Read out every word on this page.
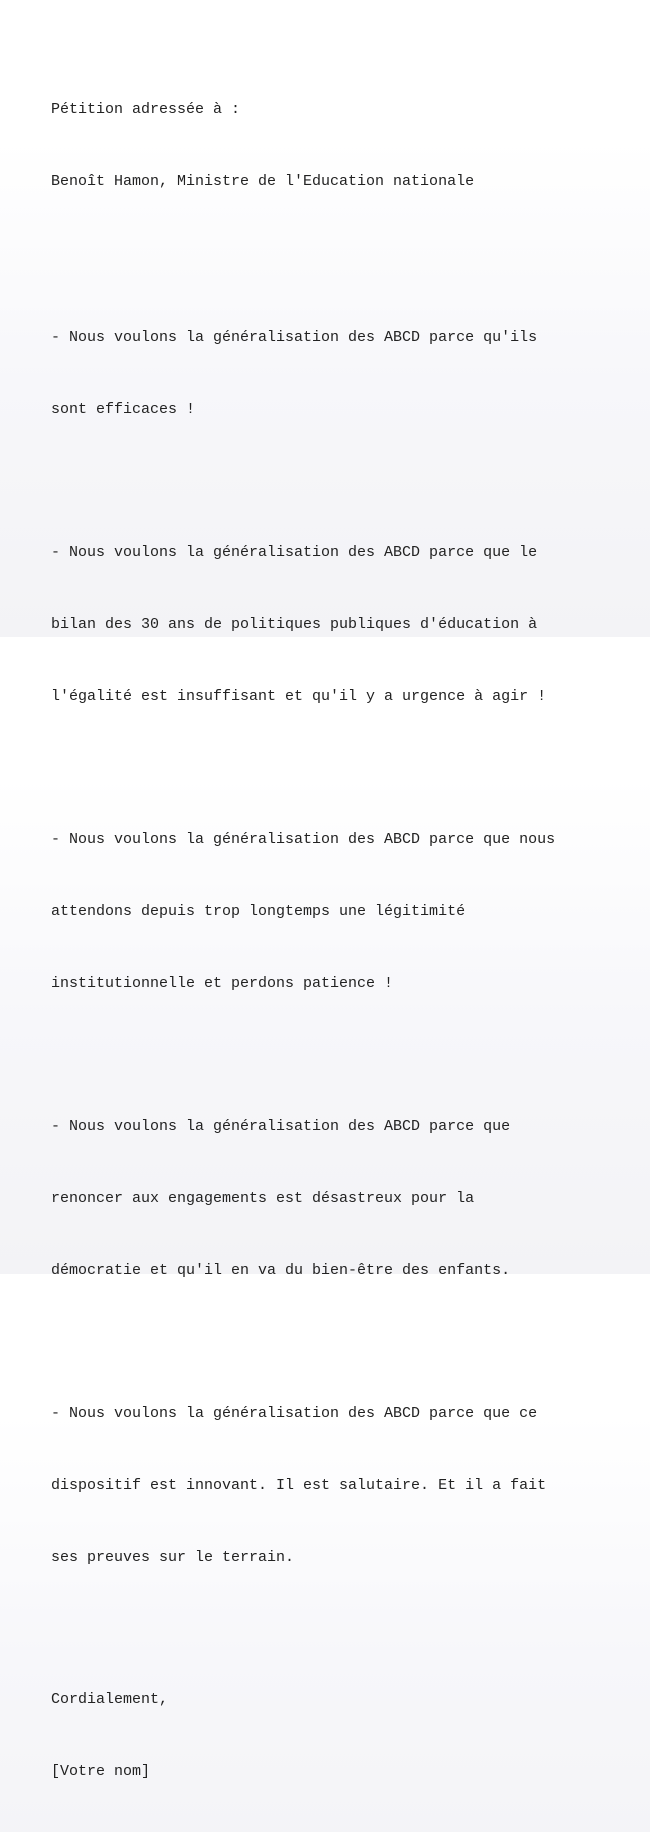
Pétition adressée à :

Benoît Hamon, Ministre de l'Education nationale

- Nous voulons la généralisation des ABCD parce qu'ils

sont efficaces !

- Nous voulons la généralisation des ABCD parce que le

bilan des 30 ans de politiques publiques d'éducation à

l'égalité est insuffisant et qu'il y a urgence à agir !

- Nous voulons la généralisation des ABCD parce que nous

attendons depuis trop longtemps une légitimité

institutionnelle et perdons patience !

- Nous voulons la généralisation des ABCD parce que

renoncer aux engagements est désastreux pour la

démocratie et qu'il en va du bien-être des enfants.

- Nous voulons la généralisation des ABCD parce que ce

dispositif est innovant. Il est salutaire. Et il a fait

ses preuves sur le terrain.

Cordialement,

[Votre nom]
